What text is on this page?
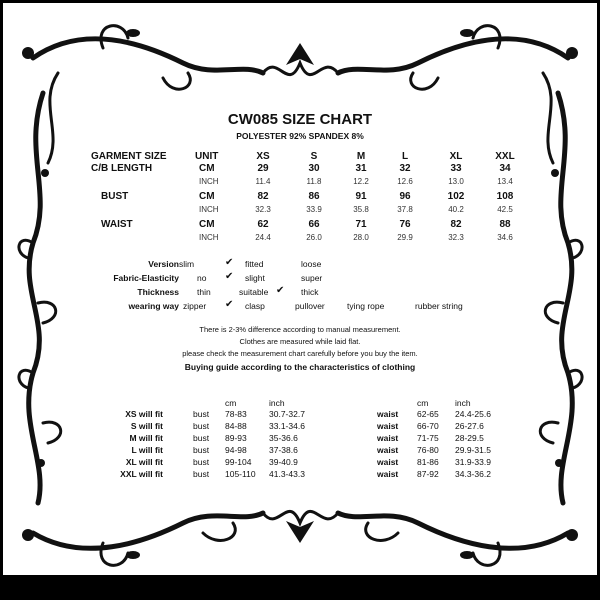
CW085 SIZE CHART
POLYESTER 92% SPANDEX 8%
GARMENT SIZE	UNIT	XS	S	M	L	XL	XXL
C/B LENGTH	CM	29	30	31	32	33	34
INCH	11.4	11.8	12.2	12.6	13.0	13.4
BUST	CM	82	86	91	96	102	108
INCH	32.3	33.9	35.8	37.8	40.2	42.5
WAIST	CM	62	66	71	76	82	88
INCH	24.4	26.0	28.0	29.9	32.3	34.6
Version slim	✔ fitted	loose
Fabric-Elasticity no ✔ slight	super
Thickness thin	suitable ✔ thick
wearing way zipper ✔ clasp	pullover	tying rope	rubber string
There is 2-3% difference according to manual measurement.
Clothes are measured while laid flat.
please check the measurement chart carefully before you buy the item.
Buying guide according to the characteristics of clothing
cm	inch
XS will fit	bust 78-83	30.7-32.7
S will fit	bust 84-88	33.1-34.6
M will fit	bust 89-93	35-36.6
L will fit	bust 94-98	37-38.6
XL will fit	bust 99-104 39-40.9
XXL will fit	bust 105-110 41.3-43.3
cm	inch
waist 62-65 24.4-25.6
waist 66-70 26-27.6
waist 71-75 28-29.5
waist 76-80 29.9-31.5
waist 81-86 31.9-33.9
waist 87-92 34.3-36.2
